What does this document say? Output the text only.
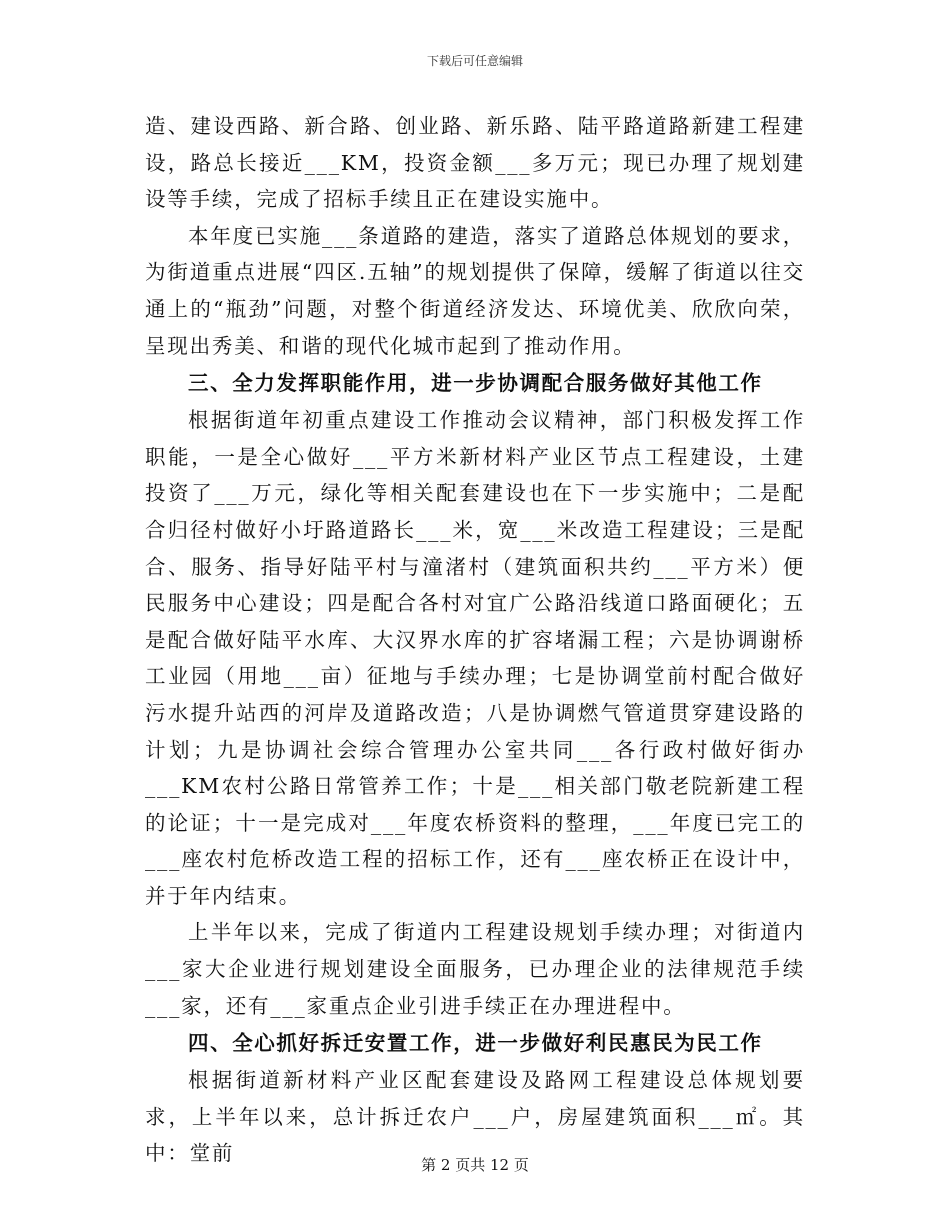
下载后可任意编辑

造、建设西路、新合路、创业路、新乐路、陆平路道路新建工程建设，路总长接近___KM，投资金额___多万元；现已办理了规划建设等手续，完成了招标手续且正在建设实施中。

本年度已实施___条道路的建造，落实了道路总体规划的要求，为街道重点进展“四区.五轴”的规划提供了保障，缓解了街道以往交通上的“瓶劲”问题，对整个街道经济发达、环境优美、欣欣向荣，呈现出秀美、和谐的现代化城市起到了推动作用。

三、全力发挥职能作用，进一步协调配合服务做好其他工作

根据街道年初重点建设工作推动会议精神，部门积极发挥工作职能，一是全心做好___平方米新材料产业区节点工程建设，土建投资了___万元，绿化等相关配套建设也在下一步实施中；二是配合归径村做好小圩路道路长___米，宽___米改造工程建设；三是配合、服务、指导好陆平村与潼渚村（建筑面积共约___平方米）便民服务中心建设；四是配合各村对宜广公路沿线道口路面硬化；五是配合做好陆平水库、大汉界水库的扩容堵漏工程；六是协调谢桥工业园（用地___亩）征地与手续办理；七是协调堂前村配合做好污水提升站西的河岸及道路改造；八是协调燃气管道贯穿建设路的计划；九是协调社会综合管理办公室共同___各行政村做好街办___KM农村公路日常管养工作；十是___相关部门敬老院新建工程的论证；十一是完成对___年度农桥资料的整理，___年度已完工的___座农村危桥改造工程的招标工作，还有___座农桥正在设计中，并于年内结束。

上半年以来，完成了街道内工程建设规划手续办理；对街道内___家大企业进行规划建设全面服务，已办理企业的法律规范手续___家，还有___家重点企业引进手续正在办理进程中。

四、全心抓好拆迁安置工作，进一步做好利民惠民为民工作

根据街道新材料产业区配套建设及路网工程建设总体规划要求，上半年以来，总计拆迁农户___户，房屋建筑面积___㎡。其中：堂前	第 2 页共 12 页
